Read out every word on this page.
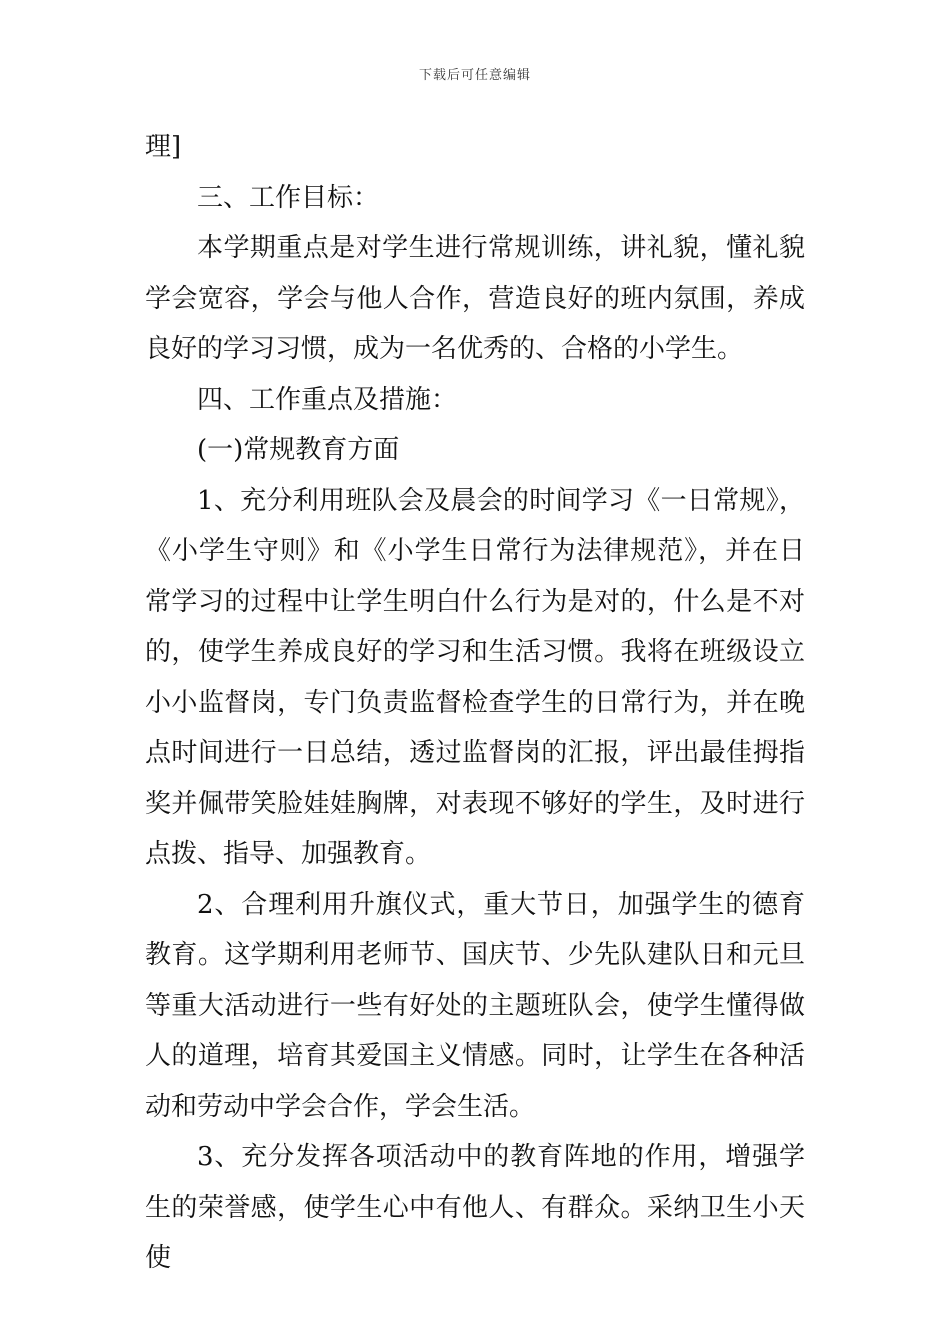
下载后可任意编辑

理]

三、工作目标：

本学期重点是对学生进行常规训练，讲礼貌，懂礼貌学会宽容，学会与他人合作，营造良好的班内氛围，养成良好的学习习惯，成为一名优秀的、合格的小学生。

四、工作重点及措施：

(一)常规教育方面

1、充分利用班队会及晨会的时间学习《一日常规》，《小学生守则》和《小学生日常行为法律规范》，并在日常学习的过程中让学生明白什么行为是对的，什么是不对的，使学生养成良好的学习和生活习惯。我将在班级设立小小监督岗，专门负责监督检查学生的日常行为，并在晚点时间进行一日总结，透过监督岗的汇报，评出最佳拇指奖并佩带笑脸娃娃胸牌，对表现不够好的学生，及时进行点拨、指导、加强教育。

2、合理利用升旗仪式，重大节日，加强学生的德育教育。这学期利用老师节、国庆节、少先队建队日和元旦等重大活动进行一些有好处的主题班队会，使学生懂得做人的道理，培育其爱国主义情感。同时，让学生在各种活动和劳动中学会合作，学会生活。

3、充分发挥各项活动中的教育阵地的作用，增强学生的荣誉感，使学生心中有他人、有群众。采纳卫生小天使
